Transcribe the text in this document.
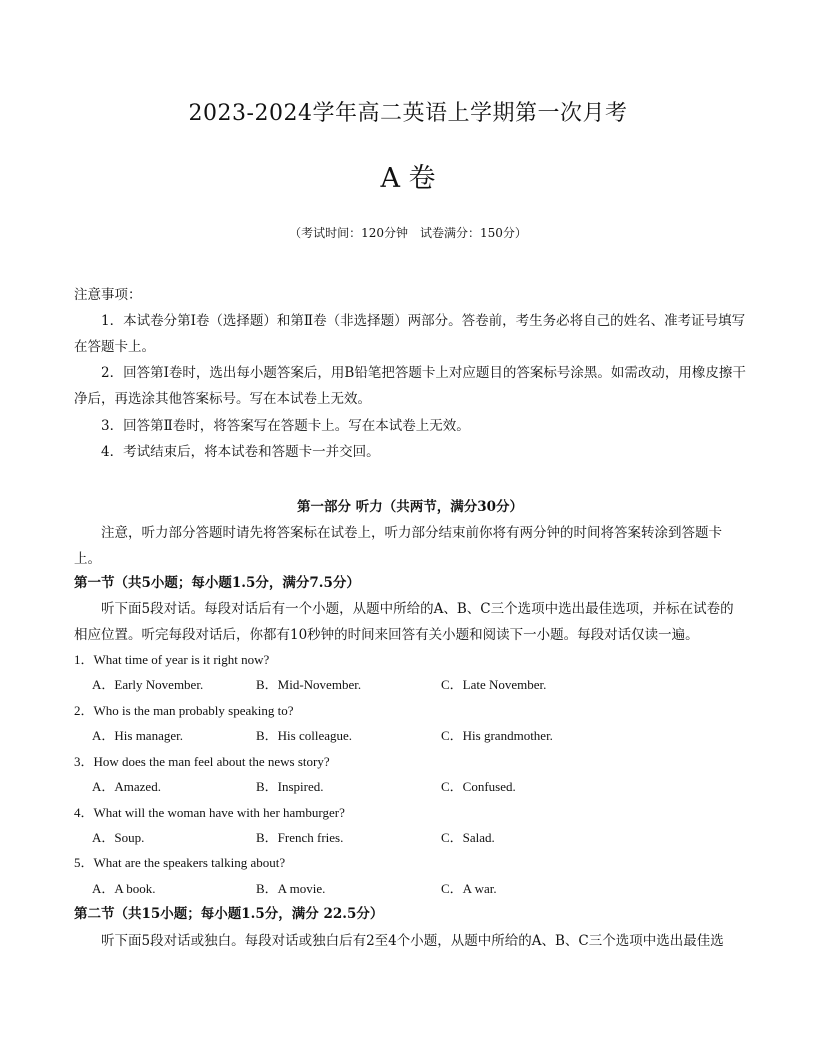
2023-2024学年高二英语上学期第一次月考
A 卷
（考试时间：120分钟　试卷满分：150分）
注意事项：
1．本试卷分第Ⅰ卷（选择题）和第Ⅱ卷（非选择题）两部分。答卷前，考生务必将自己的姓名、准考证号填写在答题卡上。
2．回答第Ⅰ卷时，选出每小题答案后，用B铅笔把答题卡上对应题目的答案标号涂黑。如需改动，用橡皮擦干净后，再选涂其他答案标号。写在本试卷上无效。
3．回答第Ⅱ卷时，将答案写在答题卡上。写在本试卷上无效。
4．考试结束后，将本试卷和答题卡一并交回。
第一部分 听力（共两节，满分30分）
注意，听力部分答题时请先将答案标在试卷上，听力部分结束前你将有两分钟的时间将答案转涂到答题卡上。
第一节（共5小题；每小题1.5分，满分7.5分）
听下面5段对话。每段对话后有一个小题，从题中所给的A、B、C三个选项中选出最佳选项，并标在试卷的相应位置。听完每段对话后，你都有10秒钟的时间来回答有关小题和阅读下一小题。每段对话仅读一遍。
1．What time of year is it right now?
A．Early November.	B．Mid-November.	C．Late November.
2．Who is the man probably speaking to?
A．His manager.	B．His colleague.	C．His grandmother.
3．How does the man feel about the news story?
A．Amazed.	B．Inspired.	C．Confused.
4．What will the woman have with her hamburger?
A．Soup.	B．French fries.	C．Salad.
5．What are the speakers talking about?
A．A book.	B．A movie.	C．A war.
第二节（共15小题；每小题1.5分，满分 22.5分）
听下面5段对话或独白。每段对话或独白后有2至4个小题，从题中所给的A、B、C三个选项中选出最佳选
